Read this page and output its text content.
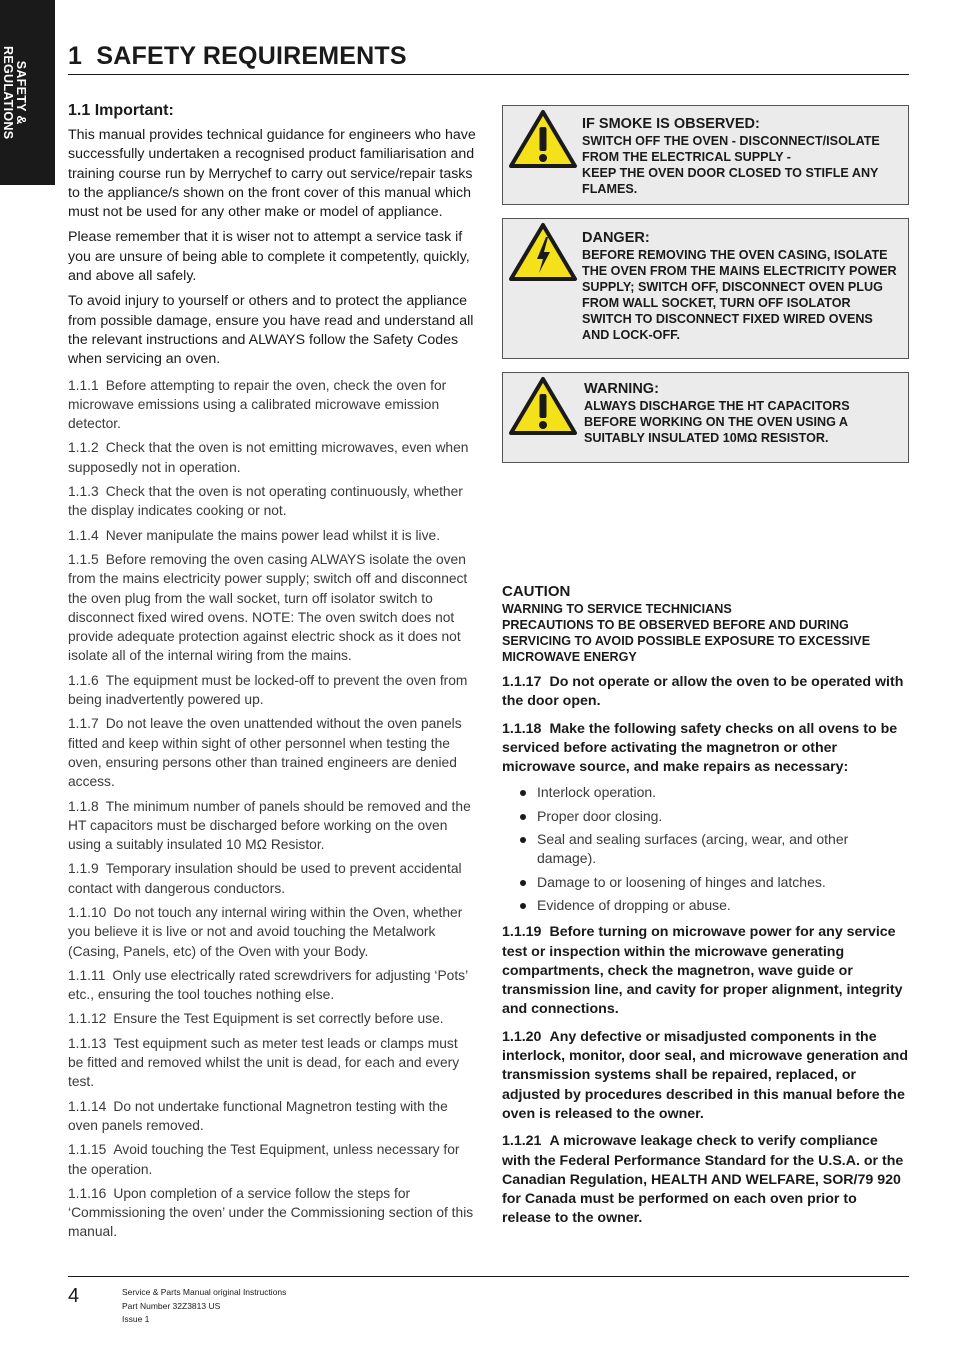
SAFETY &
REGULATIONS	1 SAFETY REQUIREMENTS
1.1 Important:

This manual provides technical guidance for engineers who have successfully undertaken a recognised product familiarisation and training course run by Merrychef to carry out service/repair tasks to the appliance/s shown on the front cover of this manual which must not be used for any other make or model of appliance.

Please remember that it is wiser not to attempt a service task if you are unsure of being able to complete it competently, quickly, and above all safely.

To avoid injury to yourself or others and to protect the appliance from possible damage, ensure you have read and understand all the relevant instructions and ALWAYS follow the Safety Codes when servicing an oven.

1.1.1 Before attempting to repair the oven, check the oven for microwave emissions using a calibrated microwave emission detector.

1.1.2 Check that the oven is not emitting microwaves, even when supposedly not in operation.

1.1.3 Check that the oven is not operating continuously, whether the display indicates cooking or not.

1.1.4 Never manipulate the mains power lead whilst it is live.

1.1.5 Before removing the oven casing ALWAYS isolate the oven from the mains electricity power supply; switch off and disconnect the oven plug from the wall socket, turn off isolator switch to disconnect fixed wired ovens. NOTE: The oven switch does not provide adequate protection against electric shock as it does not isolate all of the internal wiring from the mains.

1.1.6 The equipment must be locked-off to prevent the oven from being inadvertently powered up.

1.1.7 Do not leave the oven unattended without the oven panels fitted and keep within sight of other personnel when testing the oven, ensuring persons other than trained engineers are denied access.

1.1.8 The minimum number of panels should be removed and the HT capacitors must be discharged before working on the oven using a suitably insulated 10 MΩ Resistor.

1.1.9 Temporary insulation should be used to prevent accidental contact with dangerous conductors.

1.1.10 Do not touch any internal wiring within the Oven, whether you believe it is live or not and avoid touching the Metalwork (Casing, Panels, etc) of the Oven with your Body.

1.1.11 Only use electrically rated screwdrivers for adjusting ‘Pots’ etc., ensuring the tool touches nothing else.

1.1.12 Ensure the Test Equipment is set correctly before use.

1.1.13 Test equipment such as meter test leads or clamps must be fitted and removed whilst the unit is dead, for each and every test.

1.1.14 Do not undertake functional Magnetron testing with the oven panels removed.

1.1.15 Avoid touching the Test Equipment, unless necessary for the operation.

1.1.16 Upon completion of a service follow the steps for ‘Commissioning the oven’ under the Commissioning section of this manual.

IF SMOKE IS OBSERVED:

SWITCH OFF THE OVEN - DISCONNECT/ISOLATE FROM THE ELECTRICAL SUPPLY -

KEEP THE OVEN DOOR CLOSED TO STIFLE ANY FLAMES.

DANGER:

BEFORE REMOVING THE OVEN CASING, ISOLATE THE OVEN FROM THE MAINS ELECTRICITY POWER SUPPLY; SWITCH OFF, DISCONNECT OVEN PLUG FROM WALL SOCKET, TURN OFF ISOLATOR SWITCH TO DISCONNECT FIXED WIRED OVENS AND LOCK-OFF.

WARNING:

ALWAYS DISCHARGE THE HT CAPACITORS BEFORE WORKING ON THE OVEN USING A SUITABLY INSULATED 10MΩ RESISTOR.

CAUTION

WARNING TO SERVICE TECHNICIANS

PRECAUTIONS TO BE OBSERVED BEFORE AND DURING SERVICING TO AVOID POSSIBLE EXPOSURE TO EXCESSIVE MICROWAVE ENERGY

1.1.17 Do not operate or allow the oven to be operated with the door open.

1.1.18 Make the following safety checks on all ovens to be serviced before activating the magnetron or other microwave source, and make repairs as necessary:

Interlock operation.
Proper door closing.
Seal and sealing surfaces (arcing, wear, and other damage).
Damage to or loosening of hinges and latches.
Evidence of dropping or abuse.

1.1.19 Before turning on microwave power for any service test or inspection within the microwave generating compartments, check the magnetron, wave guide or transmission line, and cavity for proper alignment, integrity and connections.

1.1.20 Any defective or misadjusted components in the interlock, monitor, door seal, and microwave generation and transmission systems shall be repaired, replaced, or adjusted by procedures described in this manual before the oven is released to the owner.

1.1.21 A microwave leakage check to verify compliance with the Federal Performance Standard for the U.S.A. or the Canadian Regulation, HEALTH AND WELFARE, SOR/79 920 for Canada must be performed on each oven prior to release to the owner.

4	Service & Parts Manual original Instructions
Part Number 32Z3813 US
Issue 1
